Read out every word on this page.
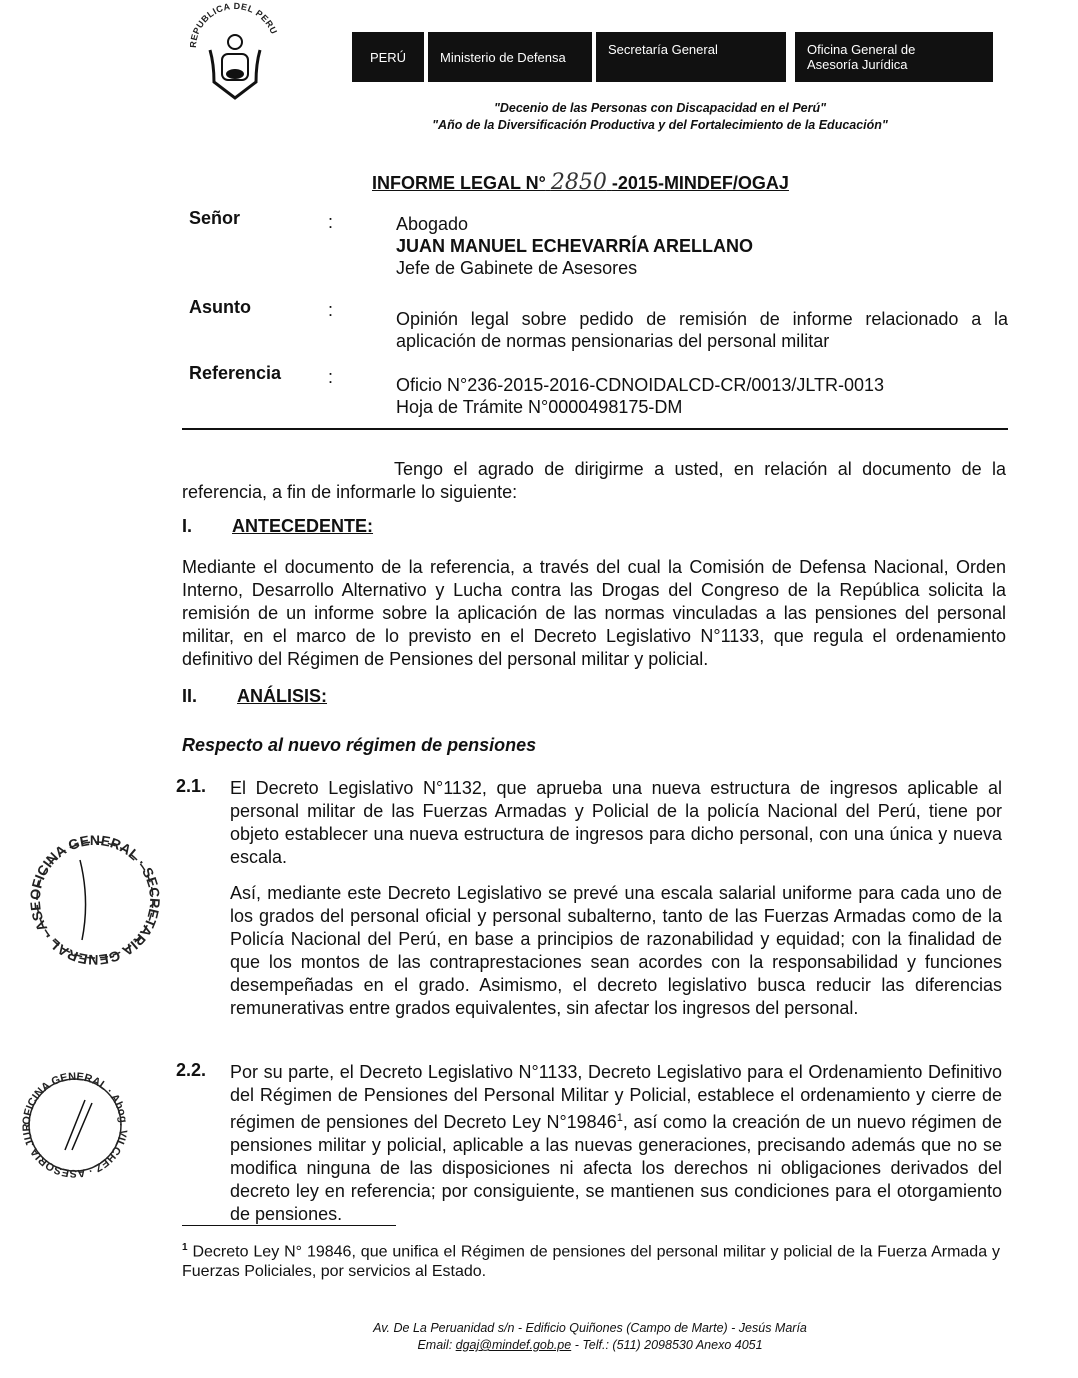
PUBLICA DEL PERU
PERÚ	Ministerio de Defensa	Secretaría General	Oficina General de Asesoría Jurídica
"Decenio de las Personas con Discapacidad en el Perú"
"Año de la Diversificación Productiva y del Fortalecimiento de la Educación"
INFORME LEGAL N° 2850 -2015-MINDEF/OGAJ
Señor	:	Abogado
JUAN MANUEL ECHEVARRÍA ARELLANO
Jefe de Gabinete de Asesores
Asunto	:	Opinión legal sobre pedido de remisión de informe relacionado a la aplicación de normas pensionarias del personal militar
Referencia	:	Oficio N°236-2015-2016-CDNOIDALCD-CR/0013/JLTR-0013
Hoja de Trámite N°0000498175-DM
Tengo el agrado de dirigirme a usted, en relación al documento de la referencia, a fin de informarle lo siguiente:
I. ANTECEDENTE:
Mediante el documento de la referencia, a través del cual la Comisión de Defensa Nacional, Orden Interno, Desarrollo Alternativo y Lucha contra las Drogas del Congreso de la República solicita la remisión de un informe sobre la aplicación de las normas vinculadas a las pensiones del personal militar, en el marco de lo previsto en el Decreto Legislativo N°1133, que regula el ordenamiento definitivo del Régimen de Pensiones del personal militar y policial.
II. ANÁLISIS:
Respecto al nuevo régimen de pensiones
2.1. El Decreto Legislativo N°1132, que aprueba una nueva estructura de ingresos aplicable al personal militar de las Fuerzas Armadas y Policial de la policía Nacional del Perú, tiene por objeto establecer una nueva estructura de ingresos para dicho personal, con una única y nueva escala.
Así, mediante este Decreto Legislativo se prevé una escala salarial uniforme para cada uno de los grados del personal oficial y personal subalterno, tanto de las Fuerzas Armadas como de la Policía Nacional del Perú, en base a principios de razonabilidad y equidad; con la finalidad de que los montos de las contraprestaciones sean acordes con la responsabilidad y funciones desempeñadas en el grado. Asimismo, el decreto legislativo busca reducir las diferencias remunerativas entre grados equivalentes, sin afectar los ingresos del personal.
2.2. Por su parte, el Decreto Legislativo N°1133, Decreto Legislativo para el Ordenamiento Definitivo del Régimen de Pensiones del Personal Militar y Policial, establece el ordenamiento y cierre de régimen de pensiones del Decreto Ley N°19846$^1$, así como la creación de un nuevo régimen de pensiones militar y policial, aplicable a las nuevas generaciones, precisando además que no se modifica ninguna de las disposiciones ni afecta los derechos ni obligaciones derivados del decreto ley en referencia; por consiguiente, se mantienen sus condiciones para el otorgamiento de pensiones.
OFICINA GENERAL · SE TARIA GENERAL · ASE
OFICINA GENERAL · Abog. VILCHEZ · ASESORIA JUR
$^1$ Decreto Ley N° 19846, que unifica el Régimen de pensiones del personal militar y policial de la Fuerza Armada y Fuerzas Policiales, por servicios al Estado.
Av. De La Peruanidad s/n - Edificio Quiñones (Campo de Marte) - Jesús María
Email: dgaj@mindef.gob.pe - Telf.: (511) 2098530 Anexo 4051
